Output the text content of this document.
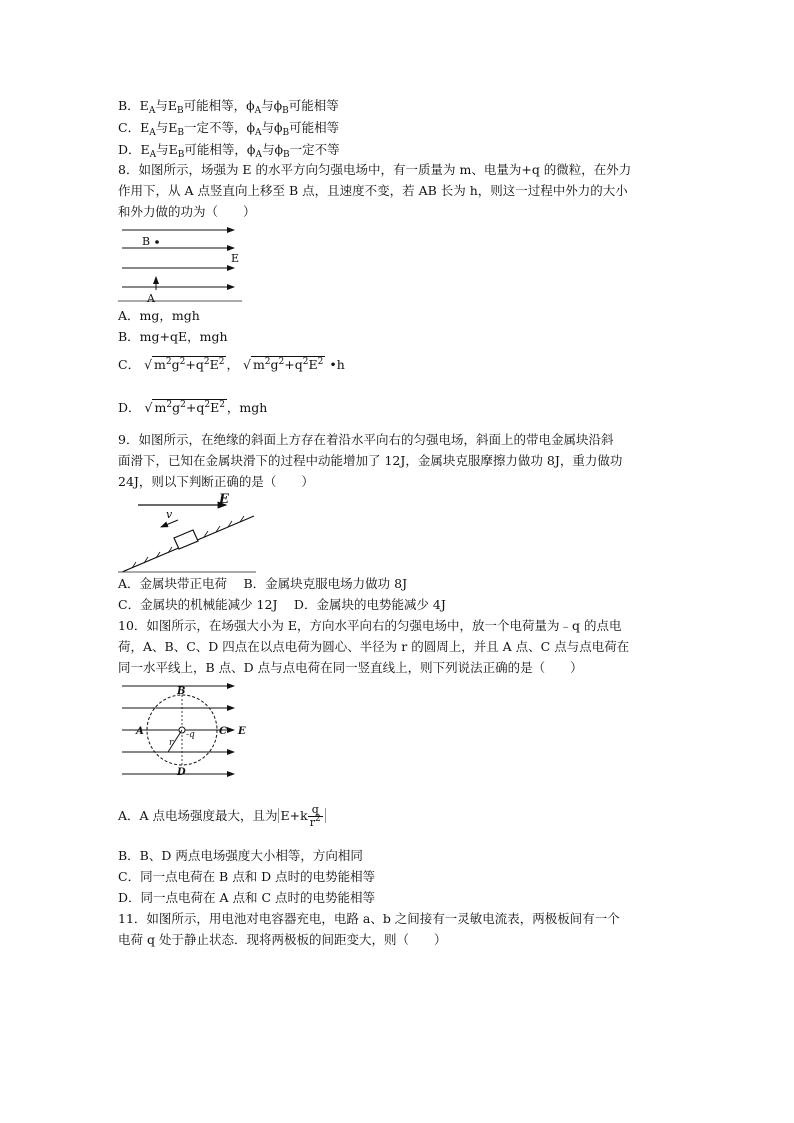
B．$E_A$与$E_B$可能相等，$\phi_A$与$\phi_B$可能相等
C．$E_A$与$E_B$一定不等，$\phi_A$与$\phi_B$可能相等
D．$E_A$与$E_B$可能相等，$\phi_A$与$\phi_B$一定不等
8．如图所示，场强为 E 的水平方向匀强电场中，有一质量为 m、电量为+q 的微粒，在外力
作用下，从 A 点竖直向上移至 B 点，且速度不变，若 AB 长为 h，则这一过程中外力的大小
和外力做的功为（　　）
B
E
A
A．mg，mgh
B．mg+qE，mgh
C． √ $m^2g^2+q^2E^2$ ， √ $m^2g^2+q^2E^2$ •h
D． √ $m^2g^2+q^2E^2$ ，mgh
9．如图所示，在绝缘的斜面上方存在着沿水平向右的匀强电场，斜面上的带电金属块沿斜
面滑下，已知在金属块滑下的过程中动能增加了 12J，金属块克服摩擦力做功 8J，重力做功
24J，则以下判断正确的是（　　）
E
v
A．金属块带正电荷　 B．金属块克服电场力做功 8J
C．金属块的机械能减少 12J　 D．金属块的电势能减少 4J
10．如图所示，在场强大小为 E，方向水平向右的匀强电场中，放一个电荷量为﹣q 的点电
荷，A、B、C、D 四点在以点电荷为圆心、半径为 r 的圆周上，并且 A 点、C 点与点电荷在
同一水平线上，B 点、D 点与点电荷在同一竖直线上，则下列说法正确的是（　　）
B
A	C E
D
r
-q
A．A 点电场强度最大，且为 $E+k \frac{q}{r^2}$
B．B、D 两点电场强度大小相等，方向相同
C．同一点电荷在 B 点和 D 点时的电势能相等
D．同一点电荷在 A 点和 C 点时的电势能相等
11．如图所示，用电池对电容器充电，电路 a、b 之间接有一灵敏电流表，两极板间有一个
电荷 q 处于静止状态．现将两极板的间距变大，则（　　）
